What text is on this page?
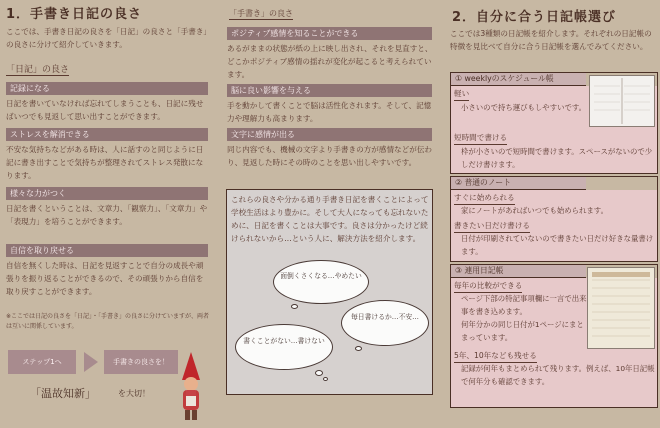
1．手書き日記の良さ
ここでは、手書き日記の良さを「日記」の良さと「手書き」の良さに分けて紹介していきます。
「日記」の良さ
記録になる
日記を書いていなければ忘れてしまうことも、日記に残せばいつでも見返して思い出すことができます。
ストレスを解消できる
不安な気持ちなどがある時は、人に話すのと同じように日記に書き出すことで気持ちが整理されてストレス発散になります。
様々な力がつく
日記を書くということは、文章力、「観察力」、「文章力」や「表現力」を培うことができます。
自信を取り戻せる
自信を無くした時は、日記を見返すことで自分の成長や頑張りを振り返ることができるので、その頑張りから自信を取り戻すことができます。
※ここでは日記の良さを「日記」・「手書き」の良さに分けていますが、両者は互いに関係しています。
ステップ1へ	手書きの良さを！
「温故知新」	を大切！
「手書き」の良さ
ポジティブ感情を知ることができる
あるがままの状態が紙の上に映し出され、それを見直すと、どこかポジティブ感情の揺れが変化が起こると考えられています。
脳に良い影響を与える
手を動かして書くことで脳は活性化されます。そして、記憶力や理解力も高まります。
文字に感情が出る
同じ内容でも、機械の文字より手書きの方が感情などが伝わり、見返した時にその時のことを思い出しやすいです。
これらの良さや分かる通り手書き日記を書くことによって学校生活はより豊かに。そして大人になっても忘れないために、日記を書くことは大事です。良さは分かったけど続けられないから…という人に、解決方法を紹介します。
面倒くさくなる…やめたい
書くことがない…書けない
毎日書けるか…不安…
2．自分に合う日記帳選び
ここでは3種類の日記帳を紹介します。それぞれの日記帳の特徴を見比べて自分に合う日記帳を選んでみてください。
① weeklyのスケジュール帳
軽い
小さいので持ち運びもしやすいです。
短時間で書ける
枠が小さいので短時間で書けます。スペースがないので少しだけ書けます。
② 普通のノート
すぐに始められる
家にノートがあればいつでも始められます。
書きたい日だけ書ける
日付が印刷されていないので書きたい日だけ好きな量書けます。
③ 連用日記帳
毎年の比較ができる
ページ下部の特記事項欄に一言で出来事を書き込めます。
何年分かの同じ日付が1ページにまとまっています。
5年、10年なども残せる
記録が何年もまとめられて残ります。例えば、10年日記帳で何年分も確認できます。
